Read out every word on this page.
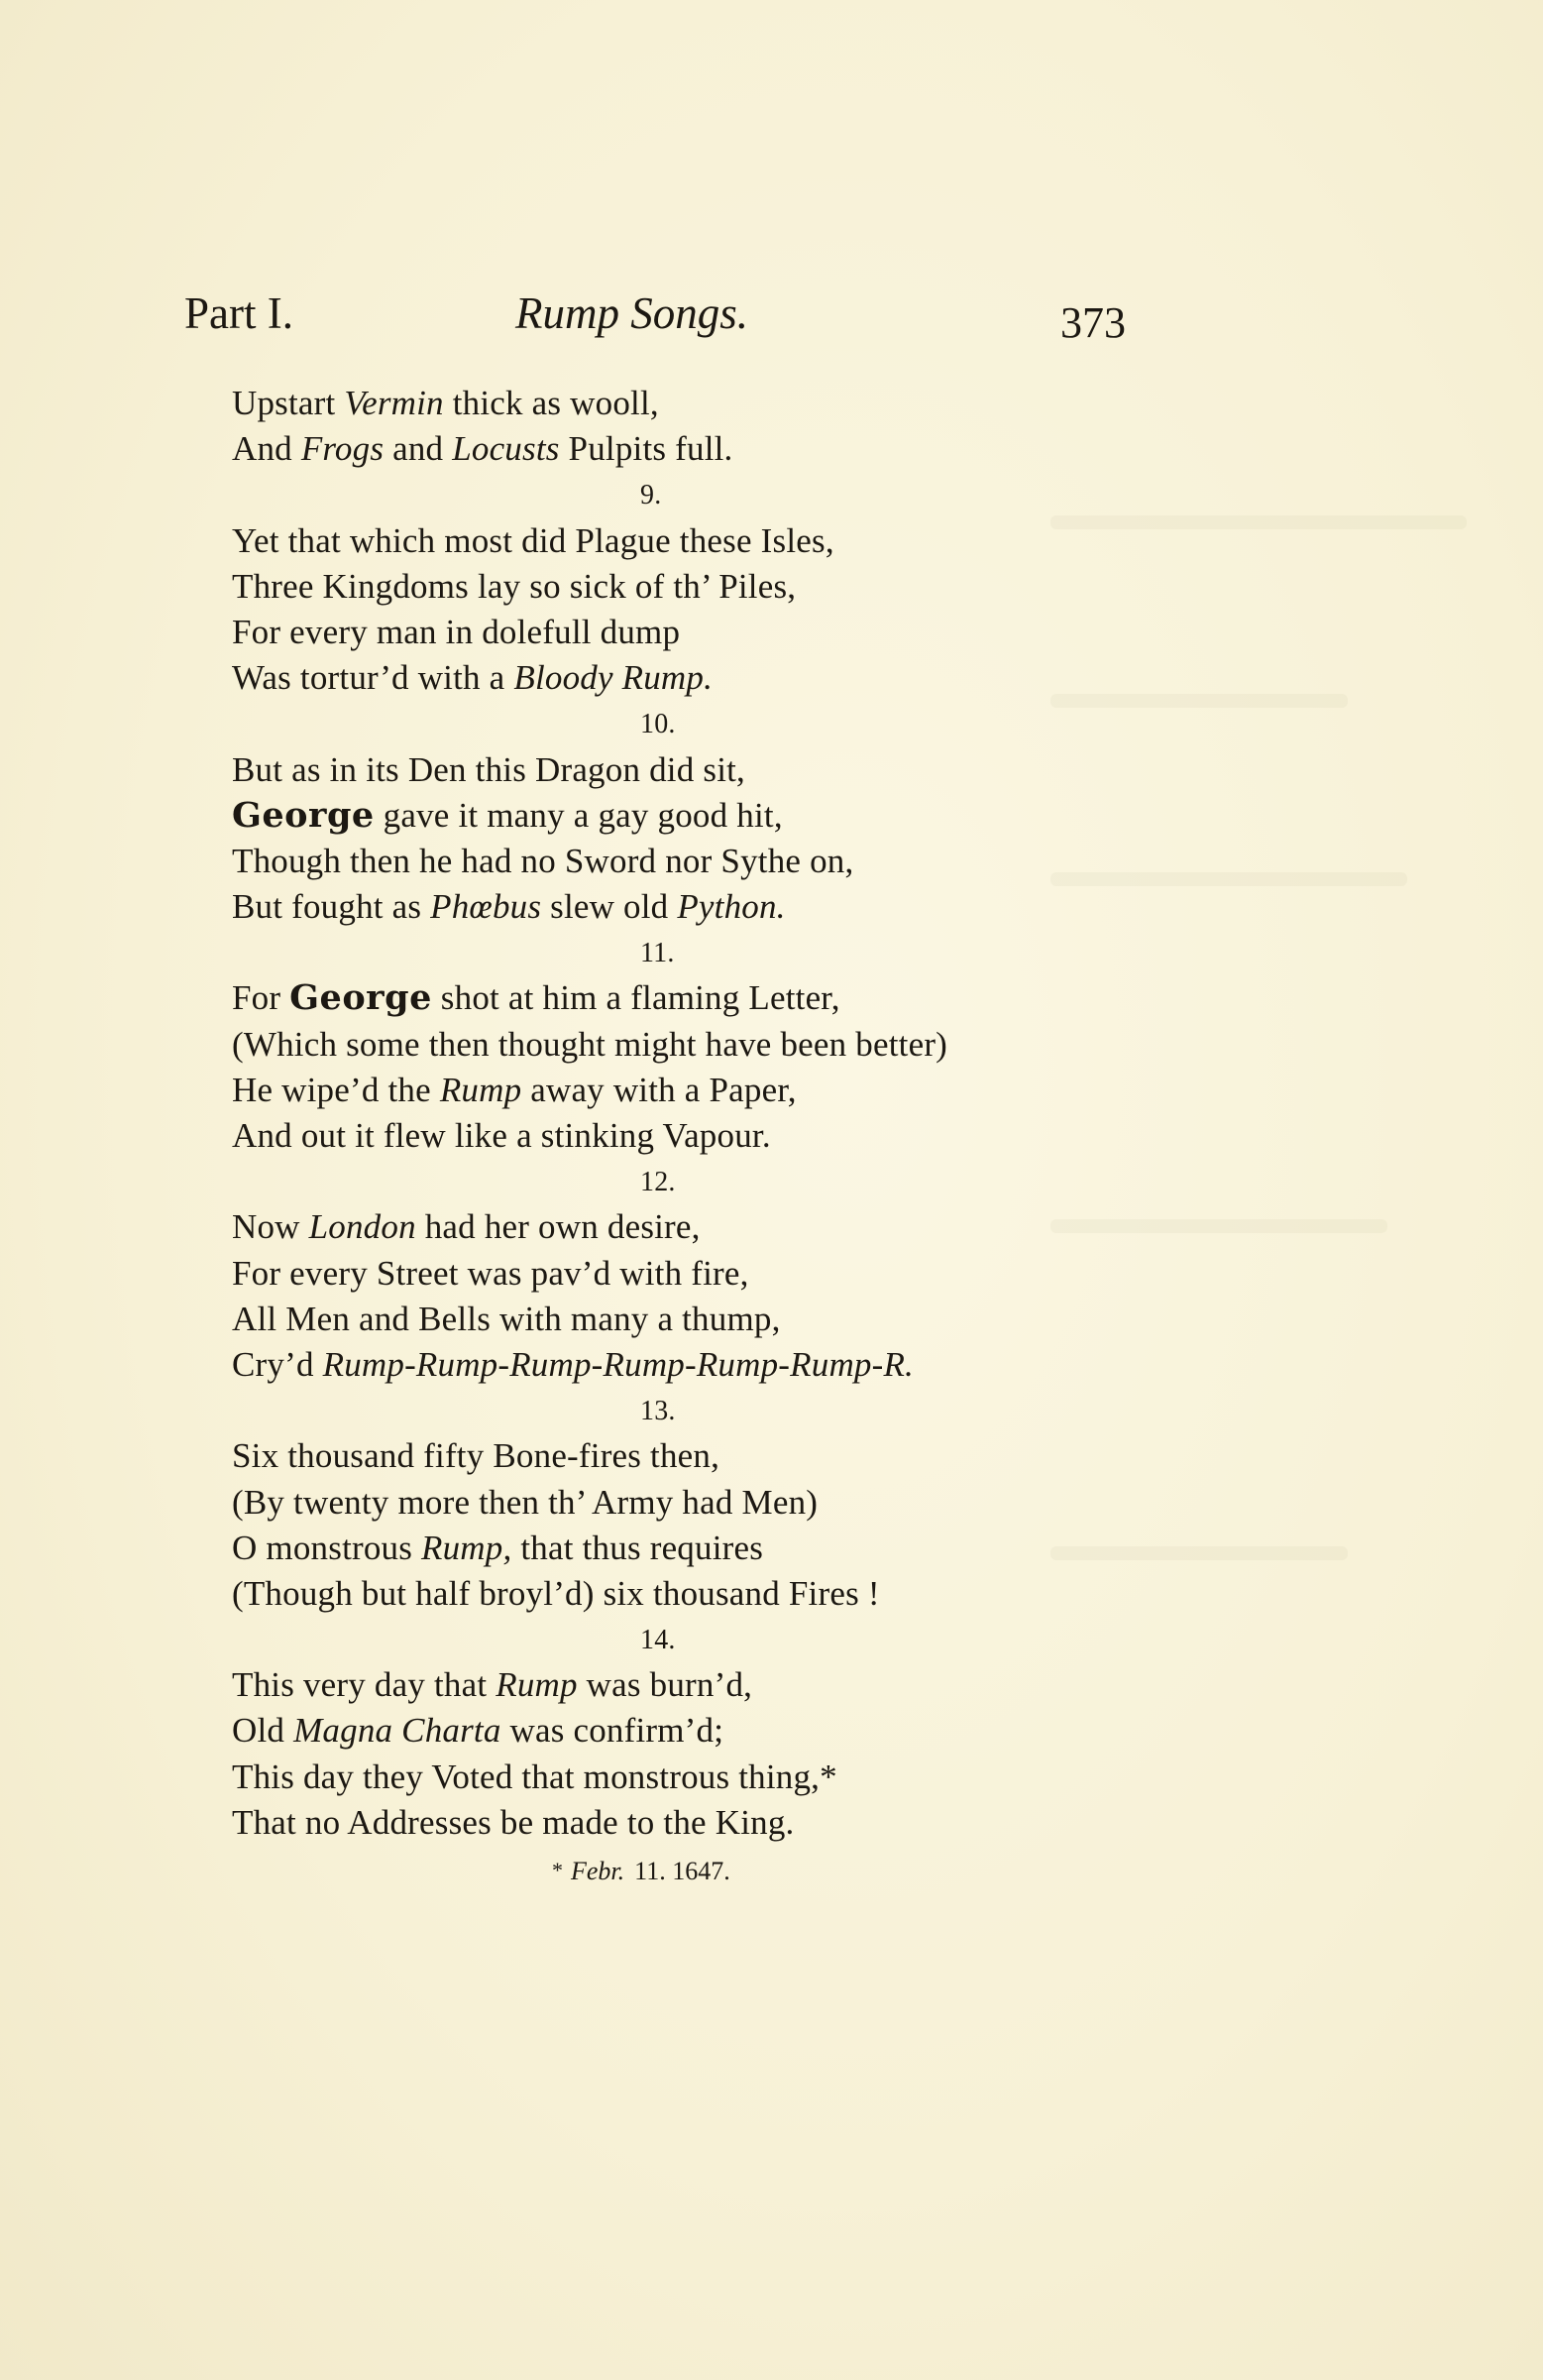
Part I.	Rump Songs.	373
Upstart Vermin thick as wooll,
And Frogs and Locusts Pulpits full.
9.
Yet that which most did Plague these Isles,
Three Kingdoms lay so sick of th’ Piles,
For every man in dolefull dump
Was tortur’d with a Bloody Rump.
10.
But as in its Den this Dragon did sit,
George gave it many a gay good hit,
Though then he had no Sword nor Sythe on,
But fought as Phœbus slew old Python.
11.
For George shot at him a flaming Letter,
(Which some then thought might have been better)
He wipe’d the Rump away with a Paper,
And out it flew like a stinking Vapour.
12.
Now London had her own desire,
For every Street was pav’d with fire,
All Men and Bells with many a thump,
Cry’d Rump-Rump-Rump-Rump-Rump-Rump-R.
13.
Six thousand fifty Bone-fires then,
(By twenty more then th’ Army had Men)
O monstrous Rump, that thus requires
(Though but half broyl’d) six thousand Fires !
14.
This very day that Rump was burn’d,
Old Magna Charta was confirm’d;
This day they Voted that monstrous thing,*
That no Addresses be made to the King.
* Febr. 11. 1647.
